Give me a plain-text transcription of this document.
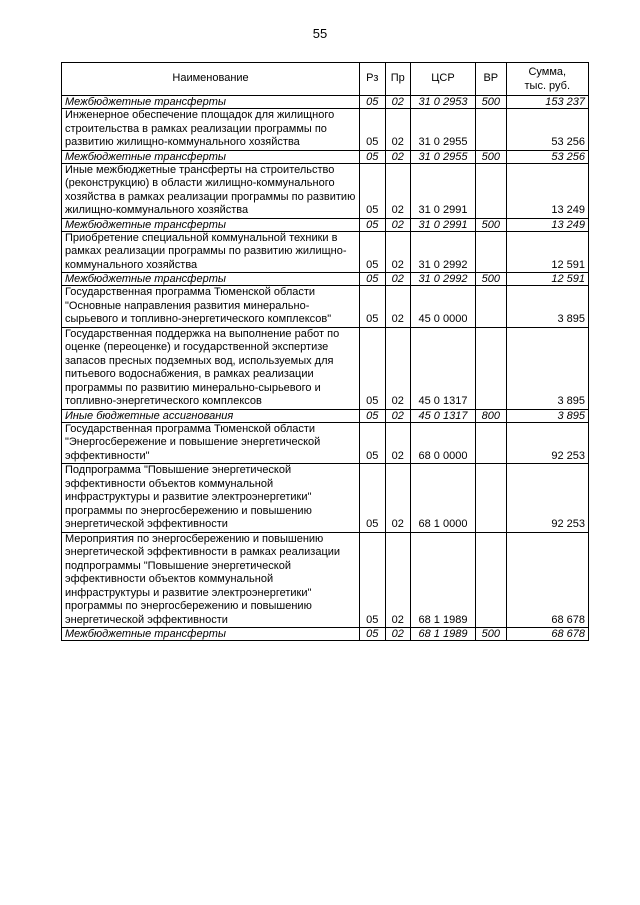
55
Наименование	Рз	Пр	ЦСР	ВР	Сумма,
тыс. руб.

Межбюджетные трансферты	05	02	31 0 2953	500	153 237
Инженерное обеспечение площадок для жилищного строительства в рамках реализации программы по развитию жилищно-коммунального хозяйства	05	02	31 0 2955		53 256
Межбюджетные трансферты	05	02	31 0 2955	500	53 256
Иные межбюджетные трансферты на строительство (реконструкцию) в области жилищно-коммунального хозяйства в рамках реализации программы по развитию жилищно-коммунального хозяйства	05	02	31 0 2991		13 249
Межбюджетные трансферты	05	02	31 0 2991	500	13 249
Приобретение специальной коммунальной техники в рамках реализации программы по развитию жилищно-коммунального хозяйства	05	02	31 0 2992		12 591
Межбюджетные трансферты	05	02	31 0 2992	500	12 591
Государственная программа Тюменской области "Основные направления развития минерально-сырьевого и топливно-энергетического комплексов"	05	02	45 0 0000		3 895
Государственная поддержка на выполнение работ по оценке (переоценке) и государственной экспертизе запасов пресных подземных вод, используемых для питьевого водоснабжения, в рамках реализации программы по развитию минерально-сырьевого и топливно-энергетического комплексов	05	02	45 0 1317		3 895
Иные бюджетные ассигнования	05	02	45 0 1317	800	3 895
Государственная программа Тюменской области "Энергосбережение и повышение энергетической эффективности"	05	02	68 0 0000		92 253
Подпрограмма "Повышение энергетической эффективности объектов коммунальной инфраструктуры и развитие электроэнергетики" программы по энергосбережению и повышению энергетической эффективности	05	02	68 1 0000		92 253
Мероприятия по энергосбережению и повышению энергетической эффективности в рамках реализации подпрограммы "Повышение энергетической эффективности объектов коммунальной инфраструктуры и развитие электроэнергетики" программы по энергосбережению и повышению энергетической эффективности	05	02	68 1 1989		68 678
Межбюджетные трансферты	05	02	68 1 1989	500	68 678
